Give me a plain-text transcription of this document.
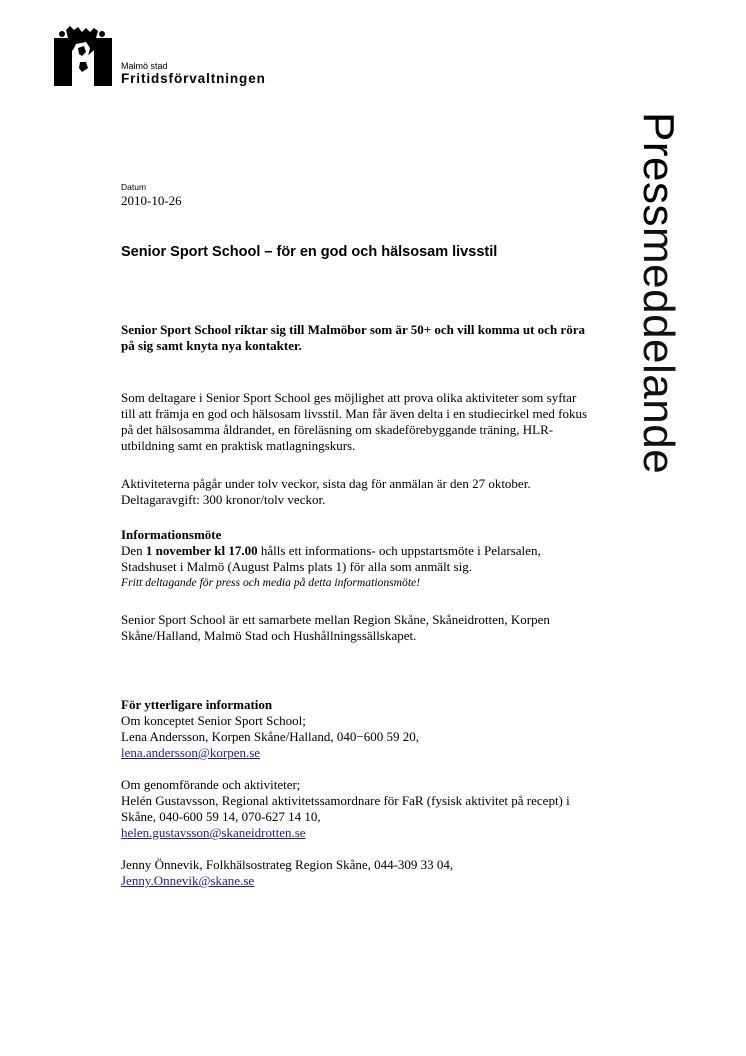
Malmö stad
Fritidsförvaltningen
Pressmeddelande
Datum
2010-10-26
Senior Sport School – för en god och hälsosam livsstil

Senior Sport School riktar sig till Malmöbor som är 50+ och vill komma ut och röra på sig samt knyta nya kontakter.

Som deltagare i Senior Sport School ges möjlighet att prova olika aktiviteter som syftar till att främja en god och hälsosam livsstil. Man får även delta i en studiecirkel med fokus på det hälsosamma åldrandet, en föreläsning om skadeförebyggande träning, HLR-utbildning samt en praktisk matlagningskurs.

Aktiviteterna pågår under tolv veckor, sista dag för anmälan är den 27 oktober.

Deltagaravgift: 300 kronor/tolv veckor.

Informationsmöte

Den 1 november kl 17.00 hålls ett informations- och uppstartsmöte i Pelarsalen, Stadshuset i Malmö (August Palms plats 1) för alla som anmält sig.

Fritt deltagande för press och media på detta informationsmöte!

Senior Sport School är ett samarbete mellan Region Skåne, Skåneidrotten, Korpen Skåne/Halland, Malmö Stad och Hushållningssällskapet.

För ytterligare information

Om konceptet Senior Sport School;

Lena Andersson, Korpen Skåne/Halland, 040−600 59 20,

lena.andersson@korpen.se

Om genomförande och aktiviteter;

Helén Gustavsson, Regional aktivitetssamordnare för FaR (fysisk aktivitet på recept) i Skåne, 040-600 59 14, 070-627 14 10,

helen.gustavsson@skaneidrotten.se

Jenny Önnevik, Folkhälsostrateg Region Skåne, 044-309 33 04,

Jenny.Onnevik@skane.se
